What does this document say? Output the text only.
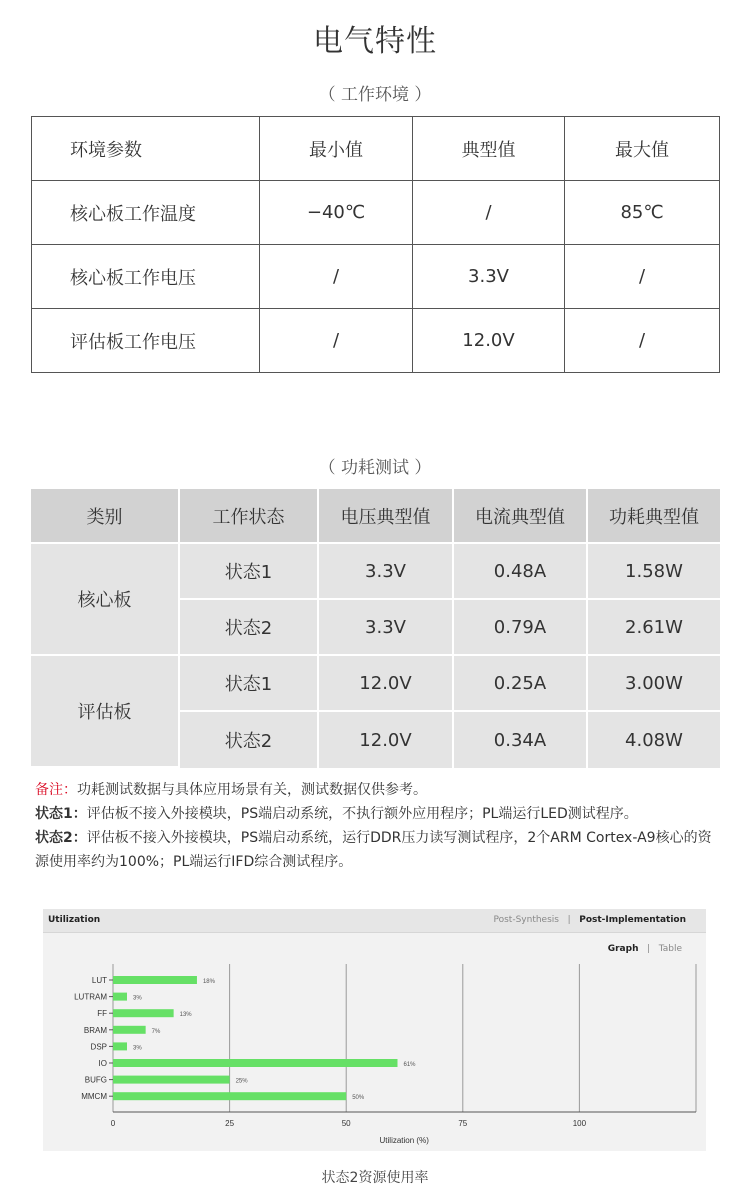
电气特性
（ 工作环境 ）
环境参数	最小值	典型值	最大值
核心板工作温度	−40℃	/	85℃
核心板工作电压	/	3.3V	/
评估板工作电压	/	12.0V	/
（ 功耗测试 ）
类别	工作状态	电压典型值	电流典型值	功耗典型值
核心板	状态1	3.3V	0.48A	1.58W
	状态2	3.3V	0.79A	2.61W
评估板	状态1	12.0V	0.25A	3.00W
	状态2	12.0V	0.34A	4.08W
备注：功耗测试数据与具体应用场景有关，测试数据仅供参考。
状态1：评估板不接入外接模块，PS端启动系统，不执行额外应用程序；PL端运行LED测试程序。
状态2：评估板不接入外接模块，PS端启动系统，运行DDR压力读写测试程序，2个ARM Cortex-A9核心的资源使用率约为100%；PL端运行IFD综合测试程序。
Utilization	Post-Synthesis | Post-Implementation
Graph | Table
0	25	50	75	100
Utilization (%)
LUT	18%
LUTRAM	3%
FF	13%
BRAM	7%
DSP	3%
IO	61%
BUFG	25%
MMCM	50%
状态2资源使用率
